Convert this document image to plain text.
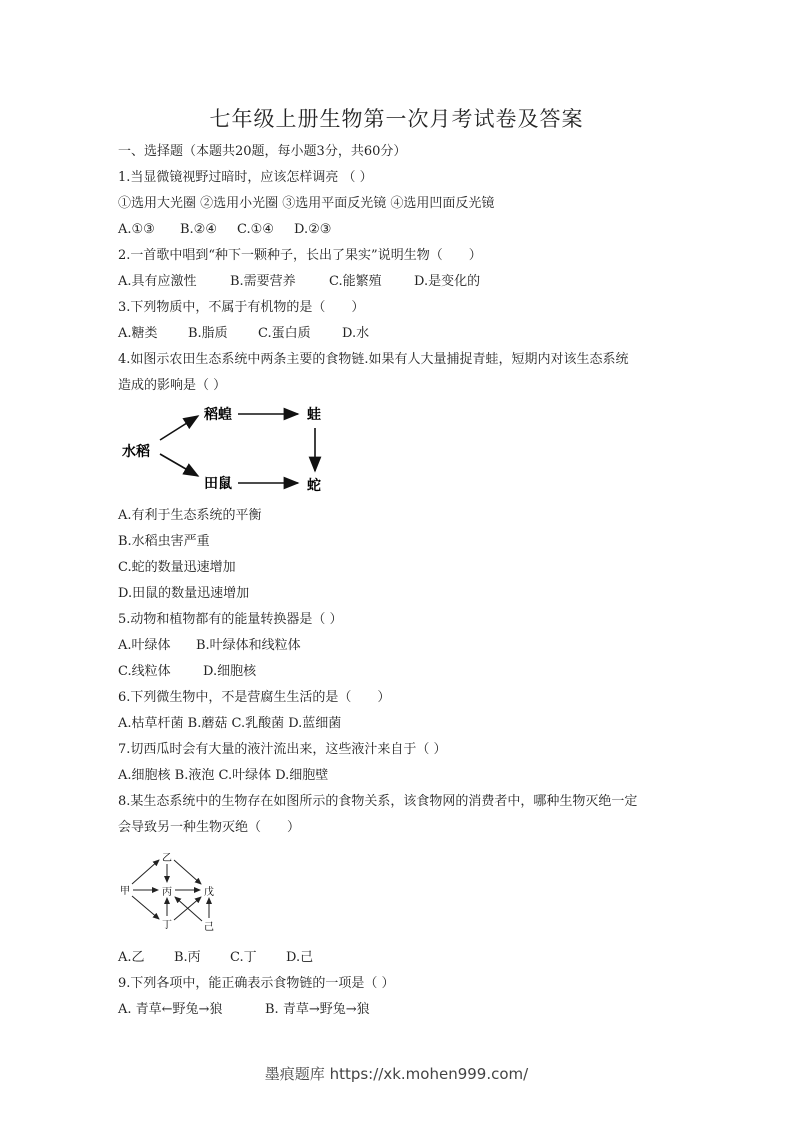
七年级上册生物第一次月考试卷及答案
一、选择题（本题共20题，每小题3分，共60分）
1.当显微镜视野过暗时，应该怎样调亮 （ ）
①选用大光圈 ②选用小光圈 ③选用平面反光镜 ④选用凹面反光镜
A.①③ B.②④ C.①④ D.②③
2.一首歌中唱到“种下一颗种子，长出了果实”说明生物（　　）
A.具有应激性	B.需要营养	C.能繁殖 D.是变化的
3.下列物质中，不属于有机物的是（　　）
A.糖类 B.脂质 C.蛋白质 D.水
4.如图示农田生态系统中两条主要的食物链.如果有人大量捕捉青蛙，短期内对该生态系统
造成的影响是（ ）
水稻
稻蝗	蛙
田鼠	蛇
A.有利于生态系统的平衡
B.水稻虫害严重
C.蛇的数量迅速增加
D.田鼠的数量迅速增加
5.动物和植物都有的能量转换器是（ ）
A.叶绿体 B.叶绿体和线粒体
C.线粒体 D.细胞核
6.下列微生物中，不是营腐生生活的是（　　）
A.枯草杆菌 B.蘑菇 C.乳酸菌 D.蓝细菌
7.切西瓜时会有大量的液汁流出来，这些液汁来自于（ ）
A.细胞核 B.液泡 C.叶绿体 D.细胞壁
8.某生态系统中的生物存在如图所示的食物关系，该食物网的消费者中，哪种生物灭绝一定
会导致另一种生物灭绝（　　）
乙
甲	丙	戊
丁	己
A.乙 B.丙 C.丁 D.己
9.下列各项中，能正确表示食物链的一项是（ ）
A. 青草←野兔→狼	B. 青草→野兔→狼
墨痕题库 https://xk.mohen999.com/
